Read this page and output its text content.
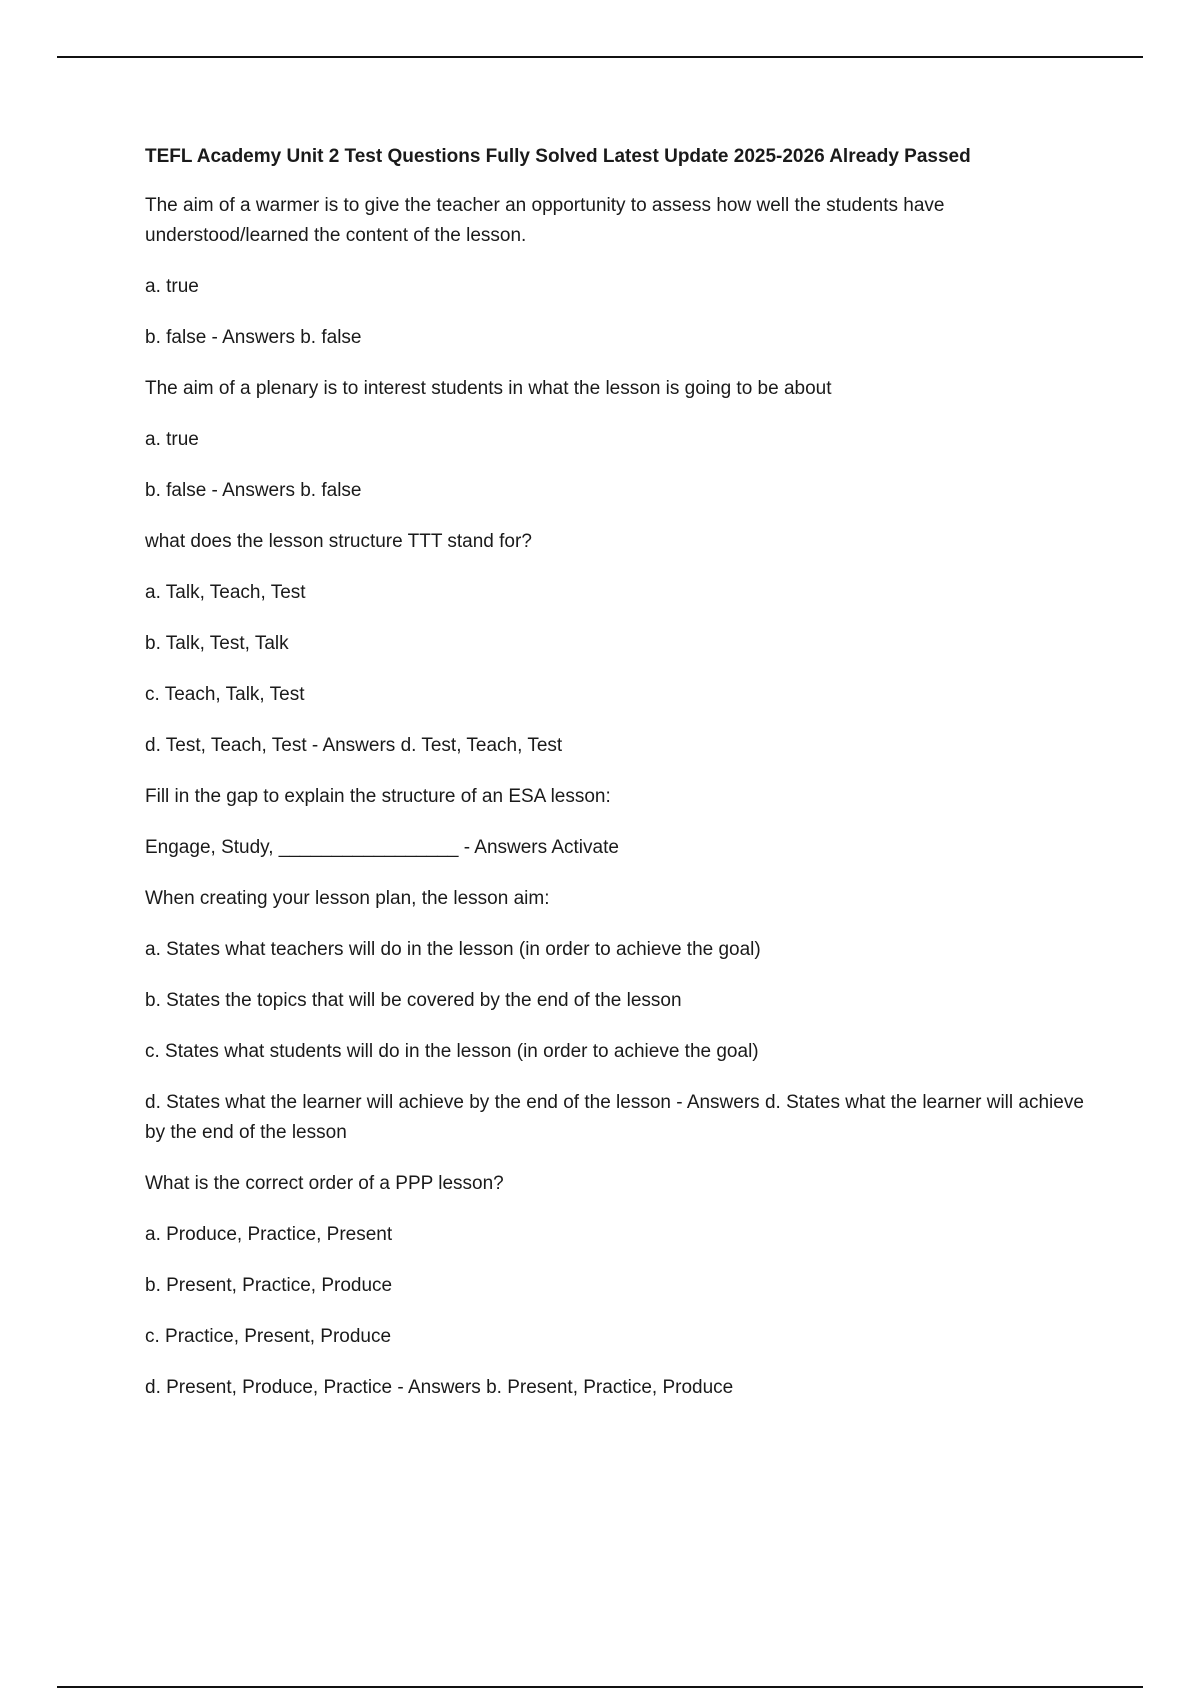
TEFL Academy Unit 2 Test Questions Fully Solved Latest Update 2025-2026 Already Passed

The aim of a warmer is to give the teacher an opportunity to assess how well the students have understood/learned the content of the lesson.

a. true

b. false - Answers b. false

The aim of a plenary is to interest students in what the lesson is going to be about

a. true

b. false - Answers b. false

what does the lesson structure TTT stand for?

a. Talk, Teach, Test

b. Talk, Test, Talk

c. Teach, Talk, Test

d. Test, Teach, Test - Answers d. Test, Teach, Test

Fill in the gap to explain the structure of an ESA lesson:

Engage, Study, _________________ - Answers Activate

When creating your lesson plan, the lesson aim:

a. States what teachers will do in the lesson (in order to achieve the goal)

b. States the topics that will be covered by the end of the lesson

c. States what students will do in the lesson (in order to achieve the goal)

d. States what the learner will achieve by the end of the lesson - Answers d. States what the learner will achieve by the end of the lesson

What is the correct order of a PPP lesson?

a. Produce, Practice, Present

b. Present, Practice, Produce

c. Practice, Present, Produce

d. Present, Produce, Practice - Answers b. Present, Practice, Produce
